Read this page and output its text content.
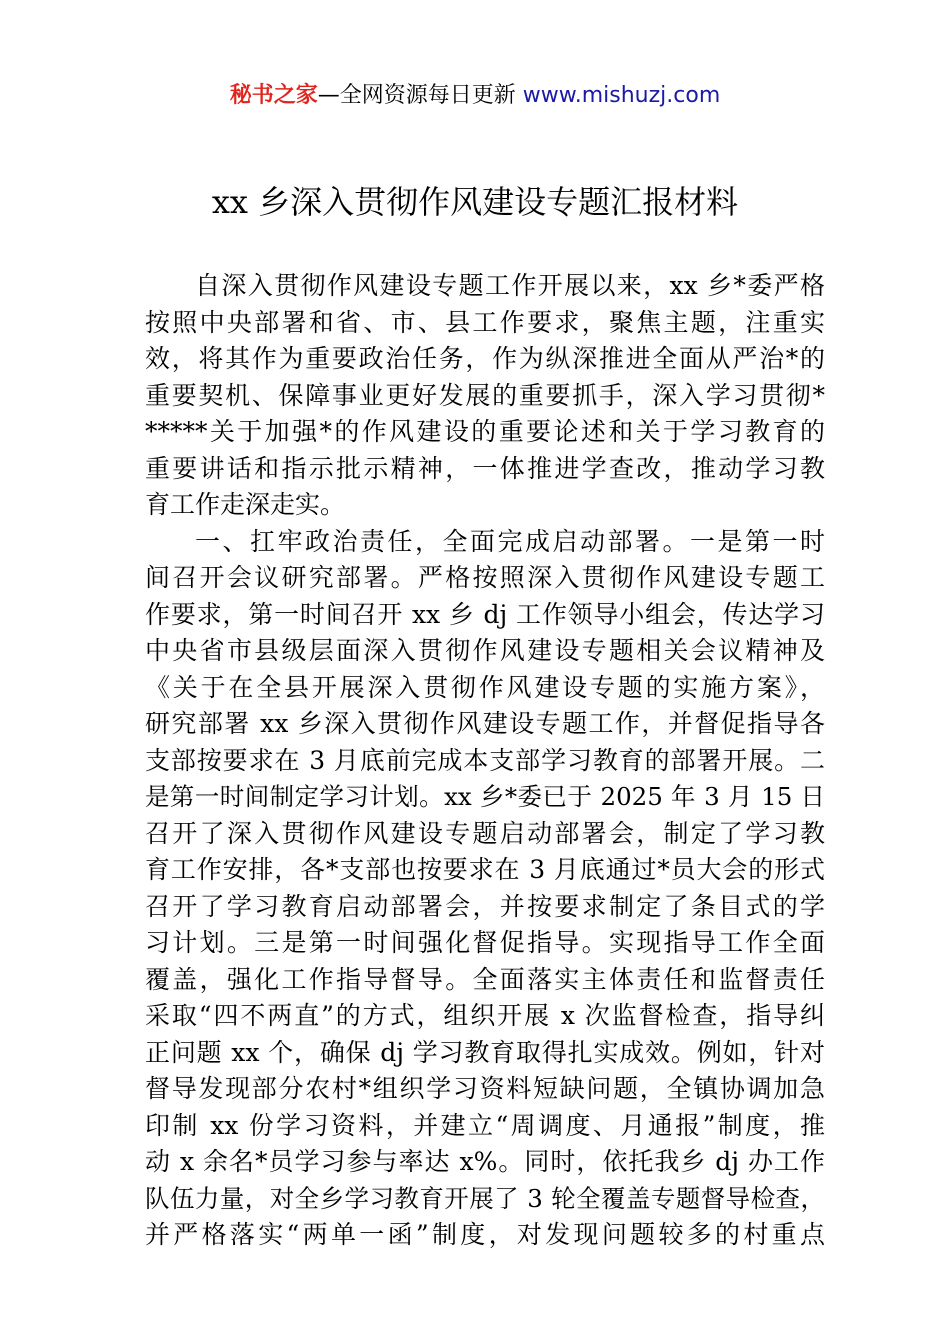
秘书之家—全网资源每日更新 www.mishuzj.com
xx 乡深入贯彻作风建设专题汇报材料
自深入贯彻作风建设专题工作开展以来，xx 乡*委严格
按照中央部署和省、市、县工作要求，聚焦主题，注重实
效，将其作为重要政治任务，作为纵深推进全面从严治*的
重要契机、保障事业更好发展的重要抓手，深入学习贯彻*
*****关于加强*的作风建设的重要论述和关于学习教育的
重要讲话和指示批示精神，一体推进学查改，推动学习教
育工作走深走实。
一、扛牢政治责任，全面完成启动部署。一是第一时
间召开会议研究部署。严格按照深入贯彻作风建设专题工
作要求，第一时间召开 xx 乡 dj 工作领导小组会，传达学习
中央省市县级层面深入贯彻作风建设专题相关会议精神及
《关于在全县开展深入贯彻作风建设专题的实施方案》，
研究部署 xx 乡深入贯彻作风建设专题工作，并督促指导各
支部按要求在 3 月底前完成本支部学习教育的部署开展。二
是第一时间制定学习计划。xx 乡*委已于 2025 年 3 月 15 日
召开了深入贯彻作风建设专题启动部署会，制定了学习教
育工作安排，各*支部也按要求在 3 月底通过*员大会的形式
召开了学习教育启动部署会，并按要求制定了条目式的学
习计划。三是第一时间强化督促指导。实现指导工作全面
覆盖，强化工作指导督导。全面落实主体责任和监督责任
采取“四不两直”的方式，组织开展 x 次监督检查，指导纠
正问题 xx 个，确保 dj 学习教育取得扎实成效。例如，针对
督导发现部分农村*组织学习资料短缺问题，全镇协调加急
印制 xx 份学习资料，并建立“周调度、月通报”制度，推
动 x 余名*员学习参与率达 x%。同时，依托我乡 dj 办工作
队伍力量，对全乡学习教育开展了 3 轮全覆盖专题督导检查，
并严格落实“两单一函”制度，对发现问题较多的村重点
